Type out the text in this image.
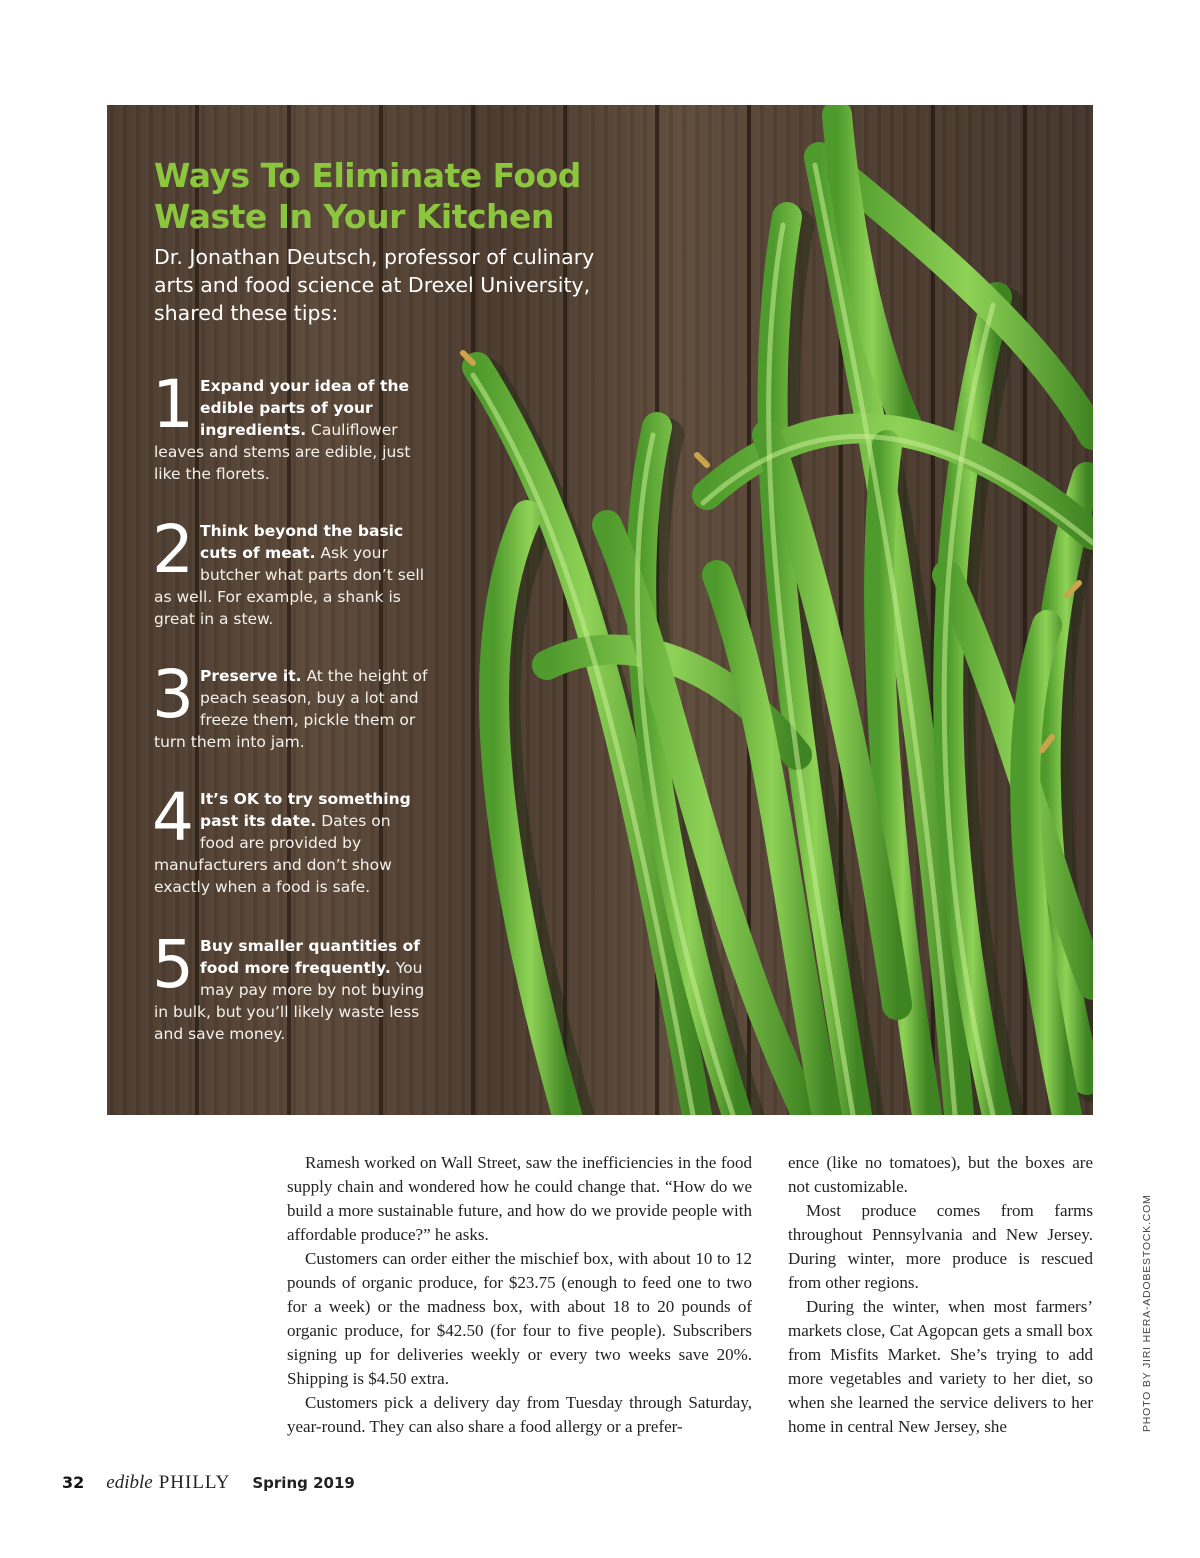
Ways To Eliminate Food
Waste In Your Kitchen

Dr. Jonathan Deutsch, professor of culinary arts and food science at Drexel University, shared these tips:

1 Expand your idea of the edible parts of your ingredients. Cauliflower leaves and stems are edible, just like the florets.
2 Think beyond the basic cuts of meat. Ask your butcher what parts don’t sell as well. For example, a shank is great in a stew.
3 Preserve it. At the height of peach season, buy a lot and freeze them, pickle them or turn them into jam.
4 It’s OK to try something past its date. Dates on food are provided by manufacturers and don’t show exactly when a food is safe.
5 Buy smaller quantities of food more frequently. You may pay more by not buying in bulk, but you’ll likely waste less and save money.

Ramesh worked on Wall Street, saw the inefficiencies in the food supply chain and wondered how he could change that. “How do we build a more sustainable future, and how do we provide people with affordable produce?” he asks.

Customers can order either the mischief box, with about 10 to 12 pounds of organic produce, for $23.75 (enough to feed one to two for a week) or the madness box, with about 18 to 20 pounds of organic produce, for $42.50 (for four to five people). Subscribers signing up for deliveries weekly or every two weeks save 20%. Shipping is $4.50 extra.

Customers pick a delivery day from Tuesday through Saturday, year-round. They can also share a food allergy or a prefer-

ence (like no tomatoes), but the boxes are not customizable.

Most produce comes from farms throughout Pennsylvania and New Jersey. During winter, more produce is rescued from other regions.

During the winter, when most farmers’ markets close, Cat Agopcan gets a small box from Misfits Market. She’s trying to add more vegetables and variety to her diet, so when she learned the service delivers to her home in central New Jersey, she	PHOTO BY JIRI HERA-ADOBESTOCK.COM
32 edible PHILLY Spring 2019
